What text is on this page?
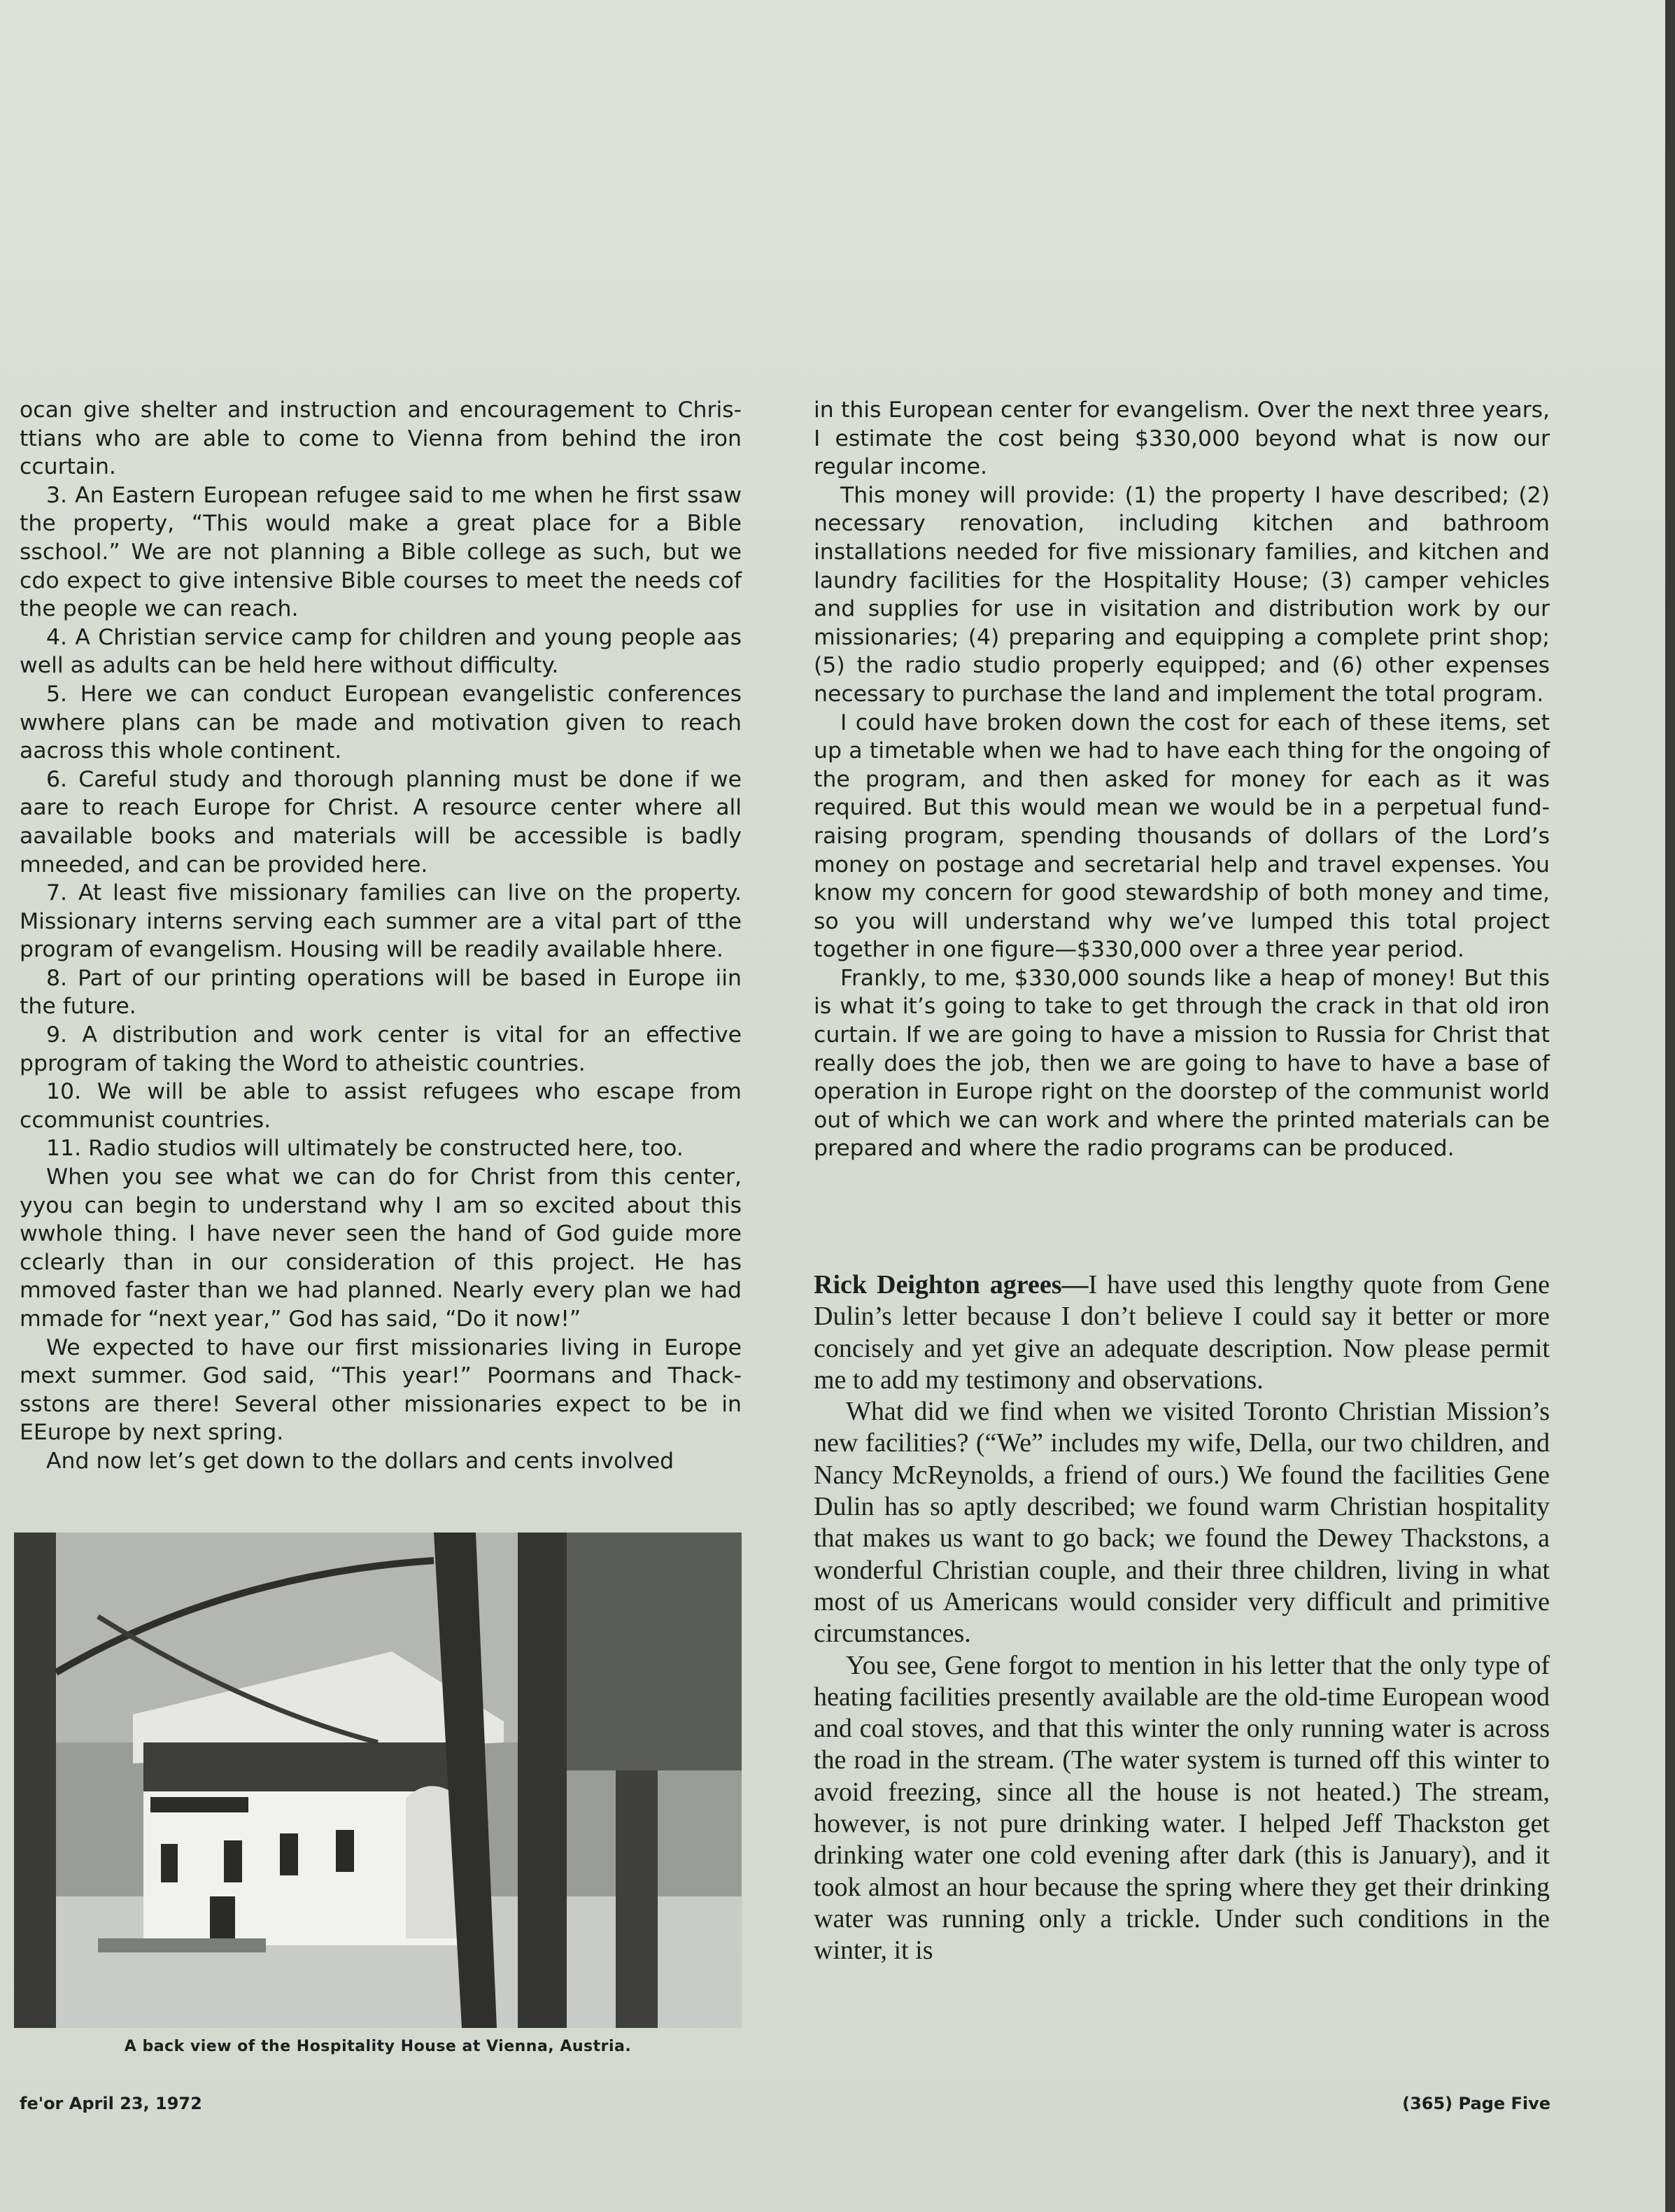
ocan give shelter and instruction and encouragement to Chris-ttians who are able to come to Vienna from behind the iron ccurtain.

3. An Eastern European refugee said to me when he first ssaw the property, “This would make a great place for a Bible sschool.” We are not planning a Bible college as such, but we cdo expect to give intensive Bible courses to meet the needs cof the people we can reach.

4. A Christian service camp for children and young people aas well as adults can be held here without difficulty.

5. Here we can conduct European evangelistic conferences wwhere plans can be made and motivation given to reach aacross this whole continent.

6. Careful study and thorough planning must be done if we aare to reach Europe for Christ. A resource center where all aavailable books and materials will be accessible is badly mneeded, and can be provided here.

7. At least five missionary families can live on the property. Missionary interns serving each summer are a vital part of tthe program of evangelism. Housing will be readily available hhere.

8. Part of our printing operations will be based in Europe iin the future.

9. A distribution and work center is vital for an effective pprogram of taking the Word to atheistic countries.

10. We will be able to assist refugees who escape from ccommunist countries.

11. Radio studios will ultimately be constructed here, too.

When you see what we can do for Christ from this center, yyou can begin to understand why I am so excited about this wwhole thing. I have never seen the hand of God guide more cclearly than in our consideration of this project. He has mmoved faster than we had planned. Nearly every plan we had mmade for “next year,” God has said, “Do it now!”

We expected to have our first missionaries living in Europe mext summer. God said, “This year!” Poormans and Thack-sstons are there! Several other missionaries expect to be in EEurope by next spring.

And now let’s get down to the dollars and cents involved

A back view of the Hospitality House at Vienna, Austria.

in this European center for evangelism. Over the next three years, I estimate the cost being $330,000 beyond what is now our regular income.

This money will provide: (1) the property I have described; (2) necessary renovation, including kitchen and bathroom installations needed for five missionary families, and kitchen and laundry facilities for the Hospitality House; (3) camper vehicles and supplies for use in visitation and distribution work by our missionaries; (4) preparing and equipping a complete print shop; (5) the radio studio properly equipped; and (6) other expenses necessary to purchase the land and implement the total program.

I could have broken down the cost for each of these items, set up a timetable when we had to have each thing for the ongoing of the program, and then asked for money for each as it was required. But this would mean we would be in a perpetual fund-raising program, spending thousands of dollars of the Lord’s money on postage and secretarial help and travel expenses. You know my concern for good stewardship of both money and time, so you will understand why we’ve lumped this total project together in one figure—$330,000 over a three year period.

Frankly, to me, $330,000 sounds like a heap of money! But this is what it’s going to take to get through the crack in that old iron curtain. If we are going to have a mission to Russia for Christ that really does the job, then we are going to have to have a base of operation in Europe right on the doorstep of the communist world out of which we can work and where the printed materials can be prepared and where the radio programs can be produced.

Rick Deighton agrees—I have used this lengthy quote from Gene Dulin’s letter because I don’t believe I could say it better or more concisely and yet give an adequate description. Now please permit me to add my testimony and observations.

What did we find when we visited Toronto Christian Mission’s new facilities? (“We” includes my wife, Della, our two children, and Nancy McReynolds, a friend of ours.) We found the facilities Gene Dulin has so aptly described; we found warm Christian hospitality that makes us want to go back; we found the Dewey Thackstons, a wonderful Christian couple, and their three children, living in what most of us Americans would consider very difficult and primitive circumstances.

You see, Gene forgot to mention in his letter that the only type of heating facilities presently available are the old-time European wood and coal stoves, and that this winter the only running water is across the road in the stream. (The water system is turned off this winter to avoid freezing, since all the house is not heated.) The stream, however, is not pure drinking water. I helped Jeff Thackston get drinking water one cold evening after dark (this is January), and it took almost an hour because the spring where they get their drinking water was running only a trickle. Under such conditions in the winter, it is

fe'or April 23, 1972	(365) Page Five
